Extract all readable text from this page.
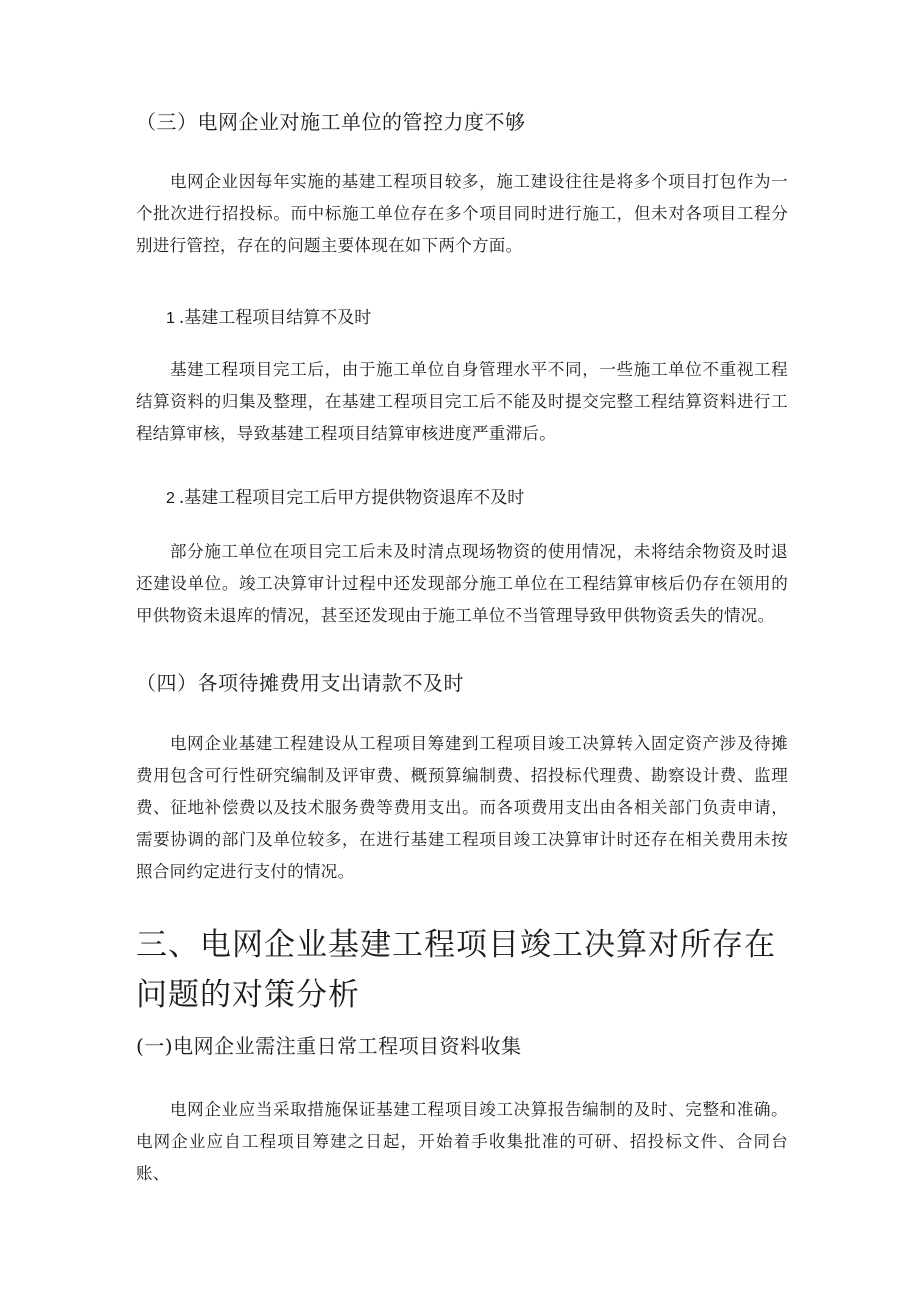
（三）电网企业对施工单位的管控力度不够

电网企业因每年实施的基建工程项目较多，施工建设往往是将多个项目打包作为一个批次进行招投标。而中标施工单位存在多个项目同时进行施工，但未对各项目工程分别进行管控，存在的问题主要体现在如下两个方面。

1 .基建工程项目结算不及时

基建工程项目完工后，由于施工单位自身管理水平不同，一些施工单位不重视工程结算资料的归集及整理，在基建工程项目完工后不能及时提交完整工程结算资料进行工程结算审核，导致基建工程项目结算审核进度严重滞后。

2 .基建工程项目完工后甲方提供物资退库不及时

部分施工单位在项目完工后未及时清点现场物资的使用情况，未将结余物资及时退还建设单位。竣工决算审计过程中还发现部分施工单位在工程结算审核后仍存在领用的甲供物资未退库的情况，甚至还发现由于施工单位不当管理导致甲供物资丢失的情况。

（四）各项待摊费用支出请款不及时

电网企业基建工程建设从工程项目筹建到工程项目竣工决算转入固定资产涉及待摊费用包含可行性研究编制及评审费、概预算编制费、招投标代理费、勘察设计费、监理费、征地补偿费以及技术服务费等费用支出。而各项费用支出由各相关部门负责申请，需要协调的部门及单位较多，在进行基建工程项目竣工决算审计时还存在相关费用未按照合同约定进行支付的情况。

三、电网企业基建工程项目竣工决算对所存在问题的对策分析

(一)电网企业需注重日常工程项目资料收集

电网企业应当采取措施保证基建工程项目竣工决算报告编制的及时、完整和准确。电网企业应自工程项目筹建之日起，开始着手收集批准的可研、招投标文件、合同台账、
